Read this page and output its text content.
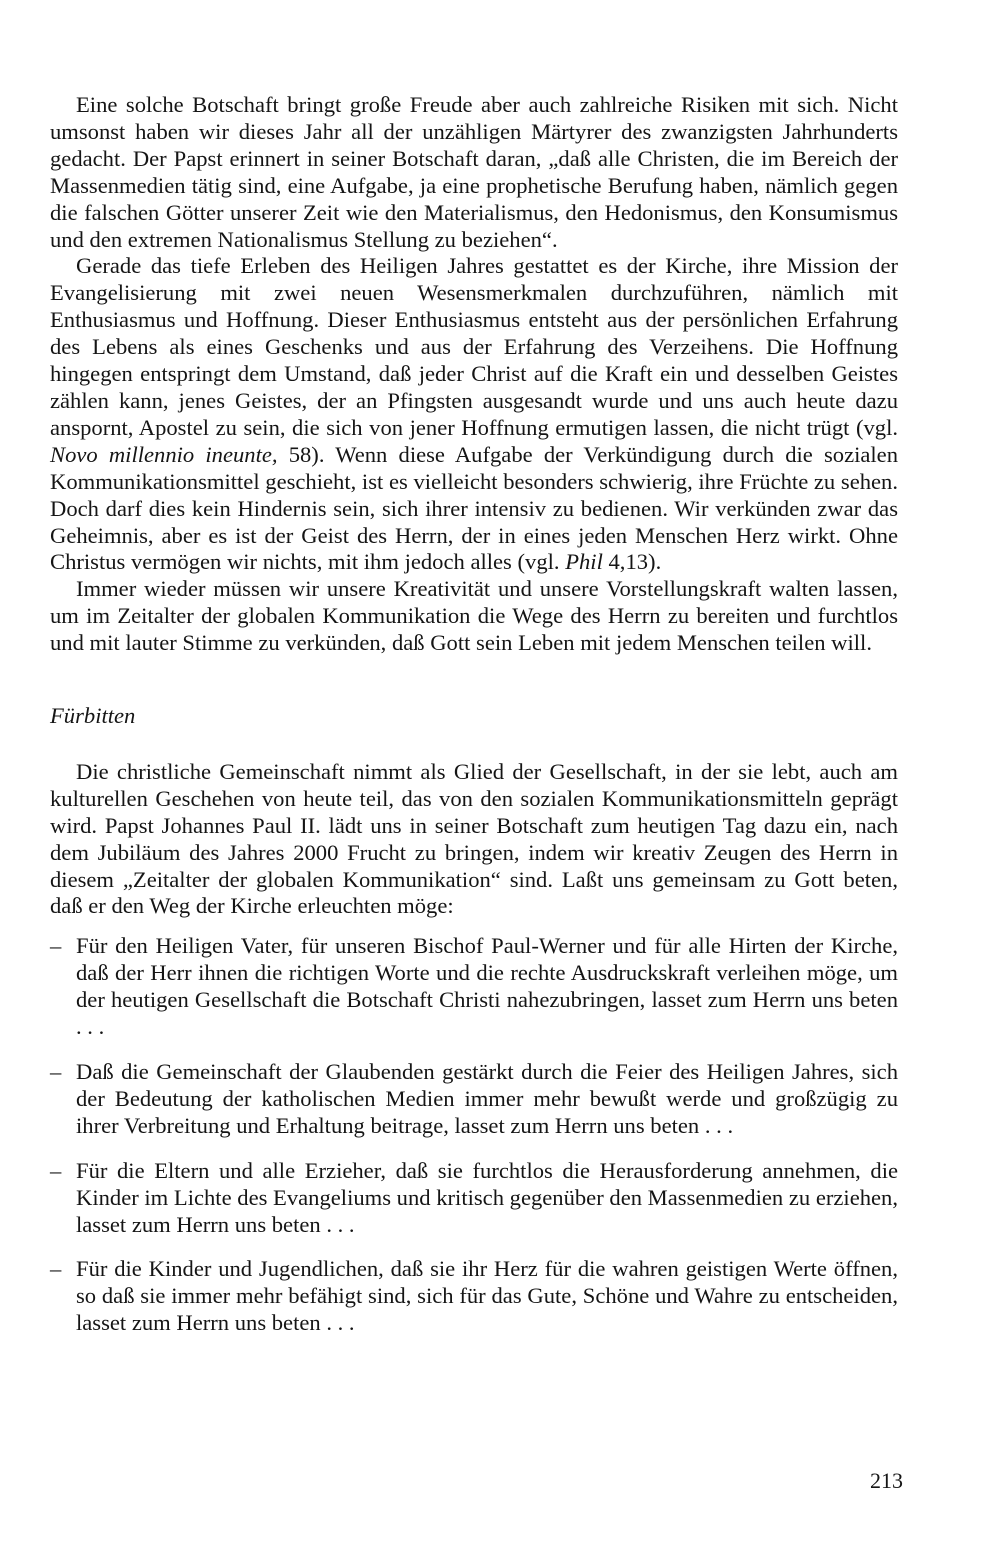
Eine solche Botschaft bringt große Freude aber auch zahlreiche Risiken mit sich. Nicht umsonst haben wir dieses Jahr all der unzähligen Märtyrer des zwanzigsten Jahrhunderts gedacht. Der Papst erinnert in seiner Botschaft daran, „daß alle Christen, die im Bereich der Massenmedien tätig sind, eine Aufgabe, ja eine prophetische Berufung haben, nämlich gegen die falschen Götter unserer Zeit wie den Materialismus, den Hedonismus, den Konsumismus und den extremen Nationalismus Stellung zu beziehen“.

Gerade das tiefe Erleben des Heiligen Jahres gestattet es der Kirche, ihre Mission der Evangelisierung mit zwei neuen Wesensmerkmalen durchzuführen, nämlich mit Enthusiasmus und Hoffnung. Dieser Enthusiasmus entsteht aus der persönlichen Erfahrung des Lebens als eines Geschenks und aus der Erfahrung des Verzeihens. Die Hoffnung hingegen entspringt dem Umstand, daß jeder Christ auf die Kraft ein und desselben Geistes zählen kann, jenes Geistes, der an Pfingsten ausgesandt wurde und uns auch heute dazu anspornt, Apostel zu sein, die sich von jener Hoffnung ermutigen lassen, die nicht trügt (vgl. Novo millennio ineunte, 58). Wenn diese Aufgabe der Verkündigung durch die sozialen Kommunikationsmittel geschieht, ist es vielleicht besonders schwierig, ihre Früchte zu sehen. Doch darf dies kein Hindernis sein, sich ihrer intensiv zu bedienen. Wir verkünden zwar das Geheimnis, aber es ist der Geist des Herrn, der in eines jeden Menschen Herz wirkt. Ohne Christus vermögen wir nichts, mit ihm jedoch alles (vgl. Phil 4,13).

Immer wieder müssen wir unsere Kreativität und unsere Vorstellungskraft walten lassen, um im Zeitalter der globalen Kommunikation die Wege des Herrn zu bereiten und furchtlos und mit lauter Stimme zu verkünden, daß Gott sein Leben mit jedem Menschen teilen will.

Fürbitten

Die christliche Gemeinschaft nimmt als Glied der Gesellschaft, in der sie lebt, auch am kulturellen Geschehen von heute teil, das von den sozialen Kommunikationsmitteln geprägt wird. Papst Johannes Paul II. lädt uns in seiner Botschaft zum heutigen Tag dazu ein, nach dem Jubiläum des Jahres 2000 Frucht zu bringen, indem wir kreativ Zeugen des Herrn in diesem „Zeitalter der globalen Kommunikation“ sind. Laßt uns gemeinsam zu Gott beten, daß er den Weg der Kirche erleuchten möge:

– Für den Heiligen Vater, für unseren Bischof Paul-Werner und für alle Hirten der Kirche, daß der Herr ihnen die richtigen Worte und die rechte Ausdruckskraft verleihen möge, um der heutigen Gesellschaft die Botschaft Christi nahezubringen, lasset zum Herrn uns beten . . .
– Daß die Gemeinschaft der Glaubenden gestärkt durch die Feier des Heiligen Jahres, sich der Bedeutung der katholischen Medien immer mehr bewußt werde und großzügig zu ihrer Verbreitung und Erhaltung beitrage, lasset zum Herrn uns beten . . .
– Für die Eltern und alle Erzieher, daß sie furchtlos die Herausforderung annehmen, die Kinder im Lichte des Evangeliums und kritisch gegenüber den Massenmedien zu erziehen, lasset zum Herrn uns beten . . .
– Für die Kinder und Jugendlichen, daß sie ihr Herz für die wahren geistigen Werte öffnen, so daß sie immer mehr befähigt sind, sich für das Gute, Schöne und Wahre zu entscheiden, lasset zum Herrn uns beten . . .
213
